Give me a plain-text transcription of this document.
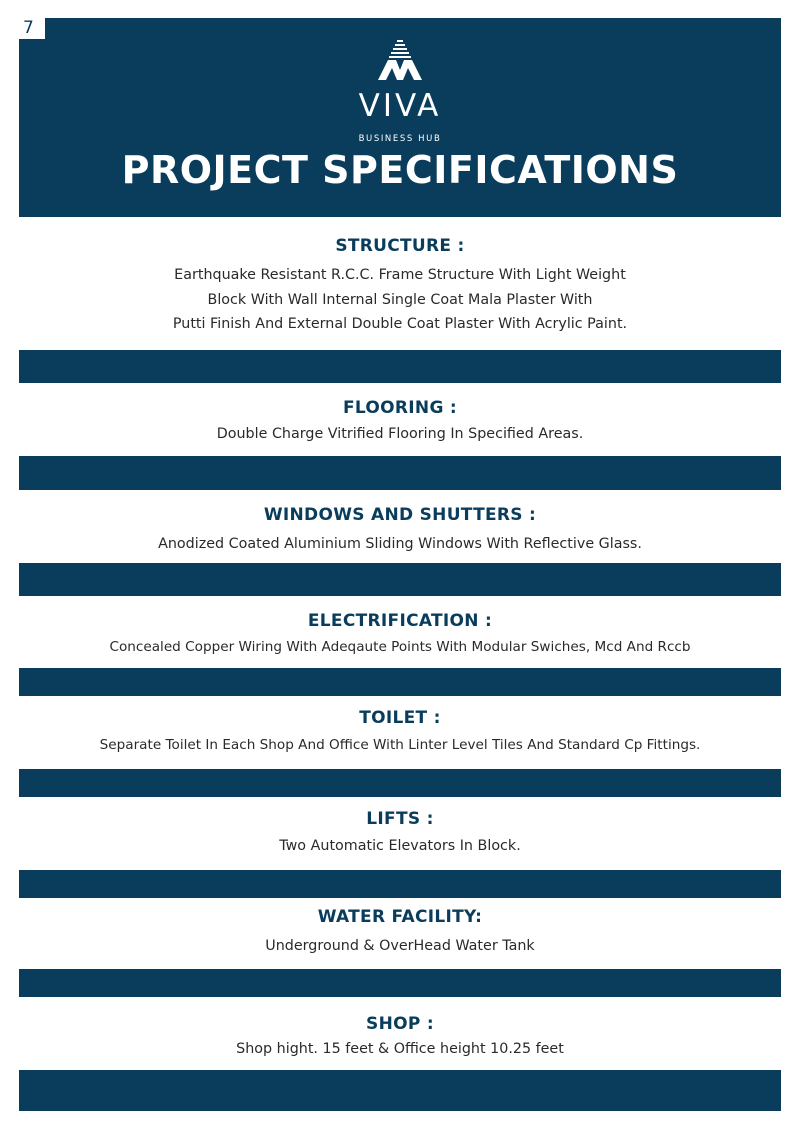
VIVA
BUSINESS HUB
PROJECT SPECIFICATIONS
7
STRUCTURE :
Earthquake Resistant R.C.C. Frame Structure With Light Weight
Block With Wall Internal Single Coat Mala Plaster With
Putti Finish And External Double Coat Plaster With Acrylic Paint.
FLOORING :
Double Charge Vitrified Flooring In Specified Areas.
WINDOWS AND SHUTTERS :
Anodized Coated Aluminium Sliding Windows With Reflective Glass.
ELECTRIFICATION :
Concealed Copper Wiring With Adeqaute Points With Modular Swiches, Mcd And Rccb
TOILET :
Separate Toilet In Each Shop And Office With Linter Level Tiles And Standard Cp Fittings.
LIFTS :
Two Automatic Elevators In Block.
WATER FACILITY:
Underground & OverHead Water Tank
SHOP :
Shop hight. 15 feet & Office height 10.25 feet
